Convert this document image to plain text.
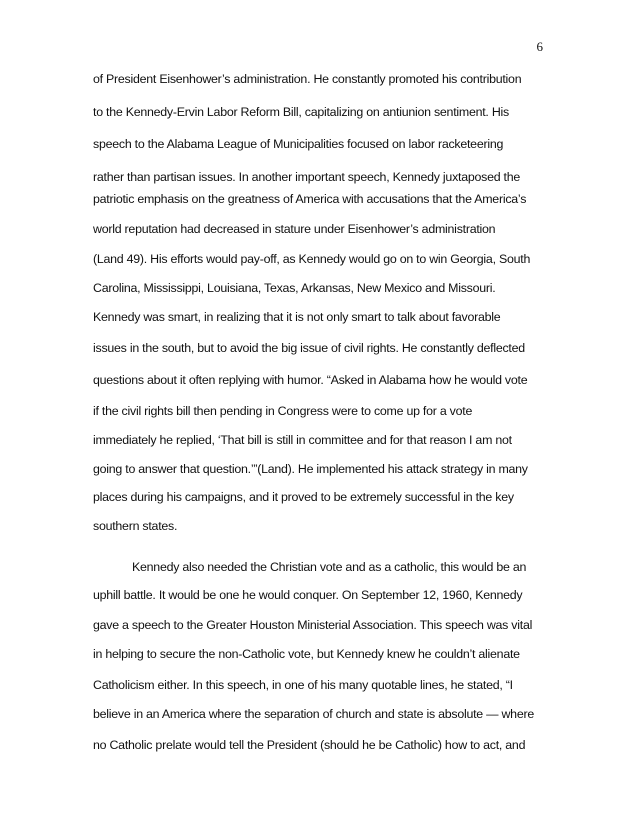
6
of President Eisenhower’s administration. He constantly promoted his contribution
to the Kennedy-Ervin Labor Reform Bill, capitalizing on antiunion sentiment. His
speech to the Alabama League of Municipalities focused on labor racketeering
rather than partisan issues. In another important speech, Kennedy juxtaposed the
patriotic emphasis on the greatness of America with accusations that the America’s
world reputation had decreased in stature under Eisenhower’s administration
(Land 49). His efforts would pay-off, as Kennedy would go on to win Georgia, South
Carolina, Mississippi, Louisiana, Texas, Arkansas, New Mexico and Missouri.
Kennedy was smart, in realizing that it is not only smart to talk about favorable
issues in the south, but to avoid the big issue of civil rights. He constantly deflected
questions about it often replying with humor. “Asked in Alabama how he would vote
if the civil rights bill then pending in Congress were to come up for a vote
immediately he replied, ‘That bill is still in committee and for that reason I am not
going to answer that question.’”(Land). He implemented his attack strategy in many
places during his campaigns, and it proved to be extremely successful in the key
southern states.
Kennedy also needed the Christian vote and as a catholic, this would be an
uphill battle. It would be one he would conquer. On September 12, 1960, Kennedy
gave a speech to the Greater Houston Ministerial Association. This speech was vital
in helping to secure the non-Catholic vote, but Kennedy knew he couldn’t alienate
Catholicism either. In this speech, in one of his many quotable lines, he stated, “I
believe in an America where the separation of church and state is absolute — where
no Catholic prelate would tell the President (should he be Catholic) how to act, and
